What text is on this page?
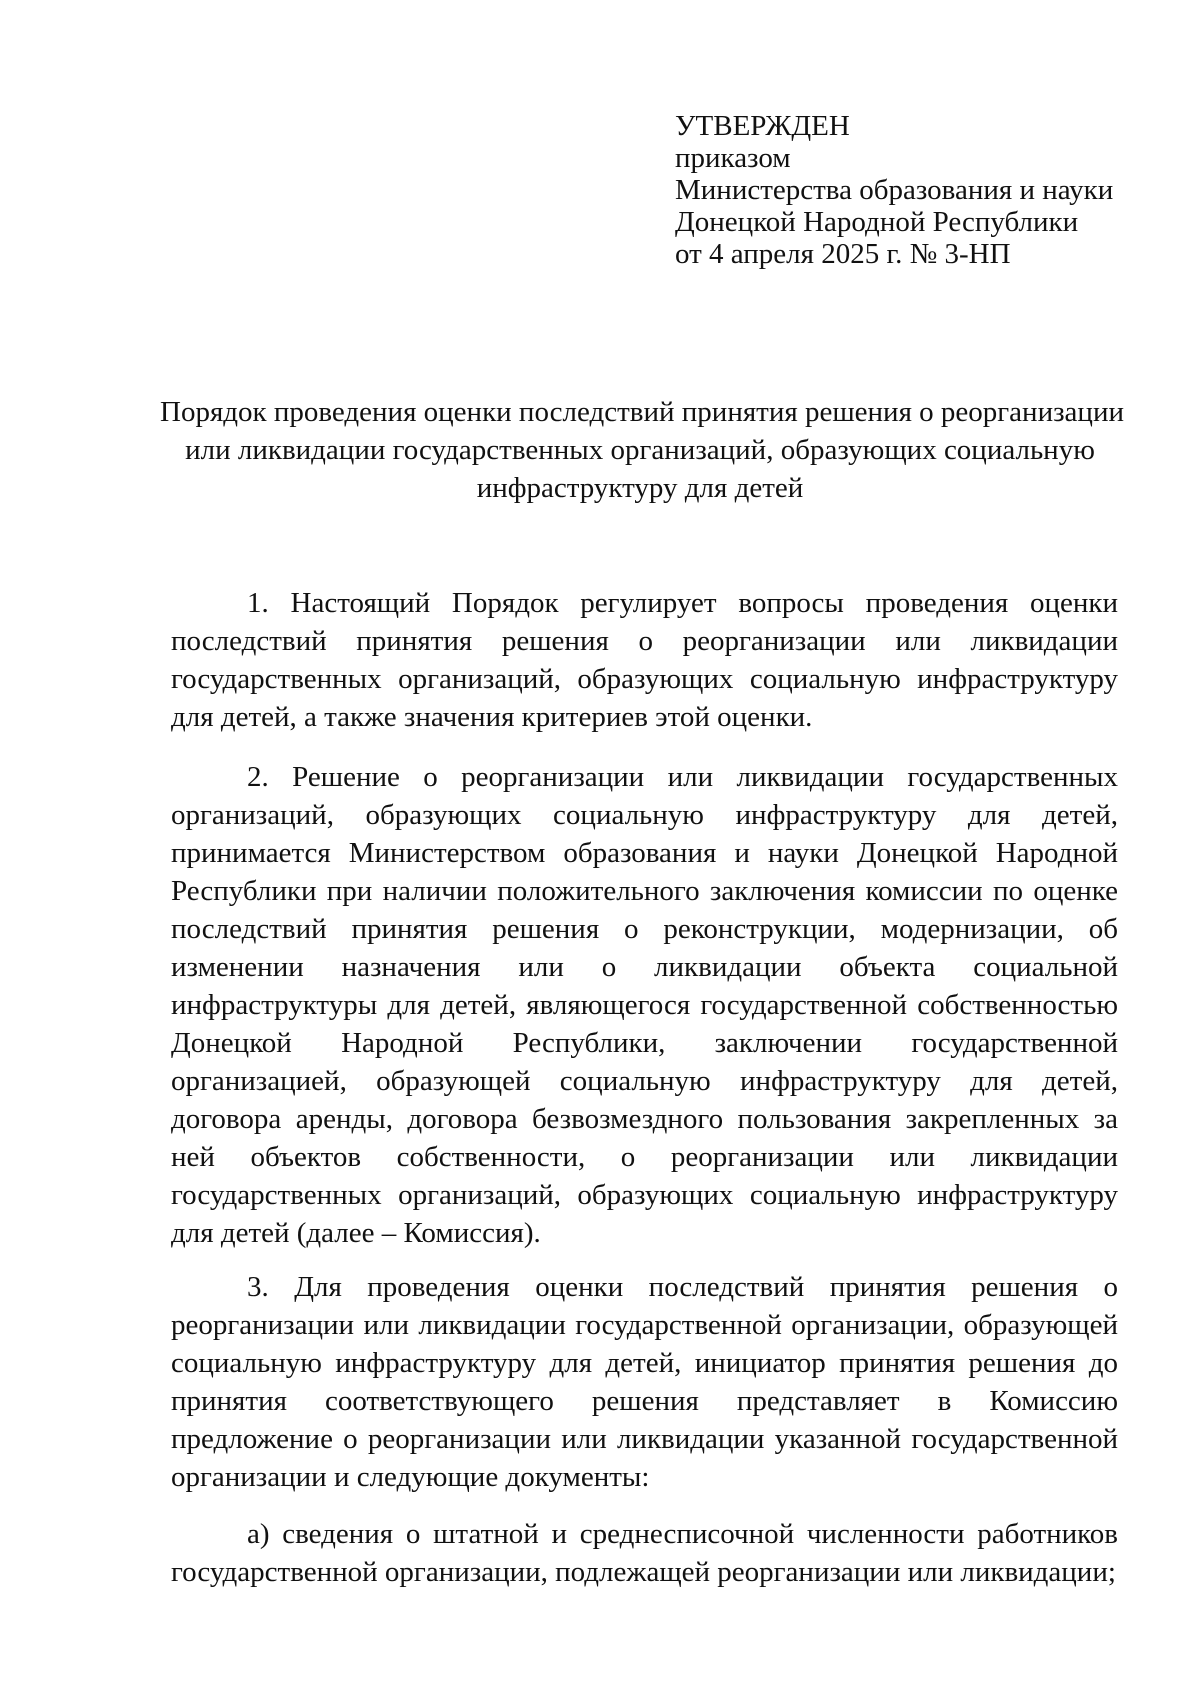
УТВЕРЖДЕН
приказом
Министерства образования и науки
Донецкой Народной Республики
от 4 апреля 2025 г. № 3-НП
Порядок проведения оценки последствий принятия решения о реорганизации
или ликвидации государственных организаций, образующих социальную
инфраструктуру для детей
1. Настоящий Порядок регулирует вопросы проведения оценки последствий принятия решения о реорганизации или ликвидации государственных организаций, образующих социальную инфраструктуру для детей, а также значения критериев этой оценки.
2. Решение о реорганизации или ликвидации государственных организаций, образующих социальную инфраструктуру для детей, принимается Министерством образования и науки Донецкой Народной Республики при наличии положительного заключения комиссии по оценке последствий принятия решения о реконструкции, модернизации, об изменении назначения или о ликвидации объекта социальной инфраструктуры для детей, являющегося государственной собственностью Донецкой Народной Республики, заключении государственной организацией, образующей социальную инфраструктуру для детей, договора аренды, договора безвозмездного пользования закрепленных за ней объектов собственности, о реорганизации или ликвидации государственных организаций, образующих социальную инфраструктуру для детей (далее – Комиссия).
3. Для проведения оценки последствий принятия решения о реорганизации или ликвидации государственной организации, образующей социальную инфраструктуру для детей, инициатор принятия решения до принятия соответствующего решения представляет в Комиссию предложение о реорганизации или ликвидации указанной государственной организации и следующие документы:
а) сведения о штатной и среднесписочной численности работников государственной организации, подлежащей реорганизации или ликвидации;
